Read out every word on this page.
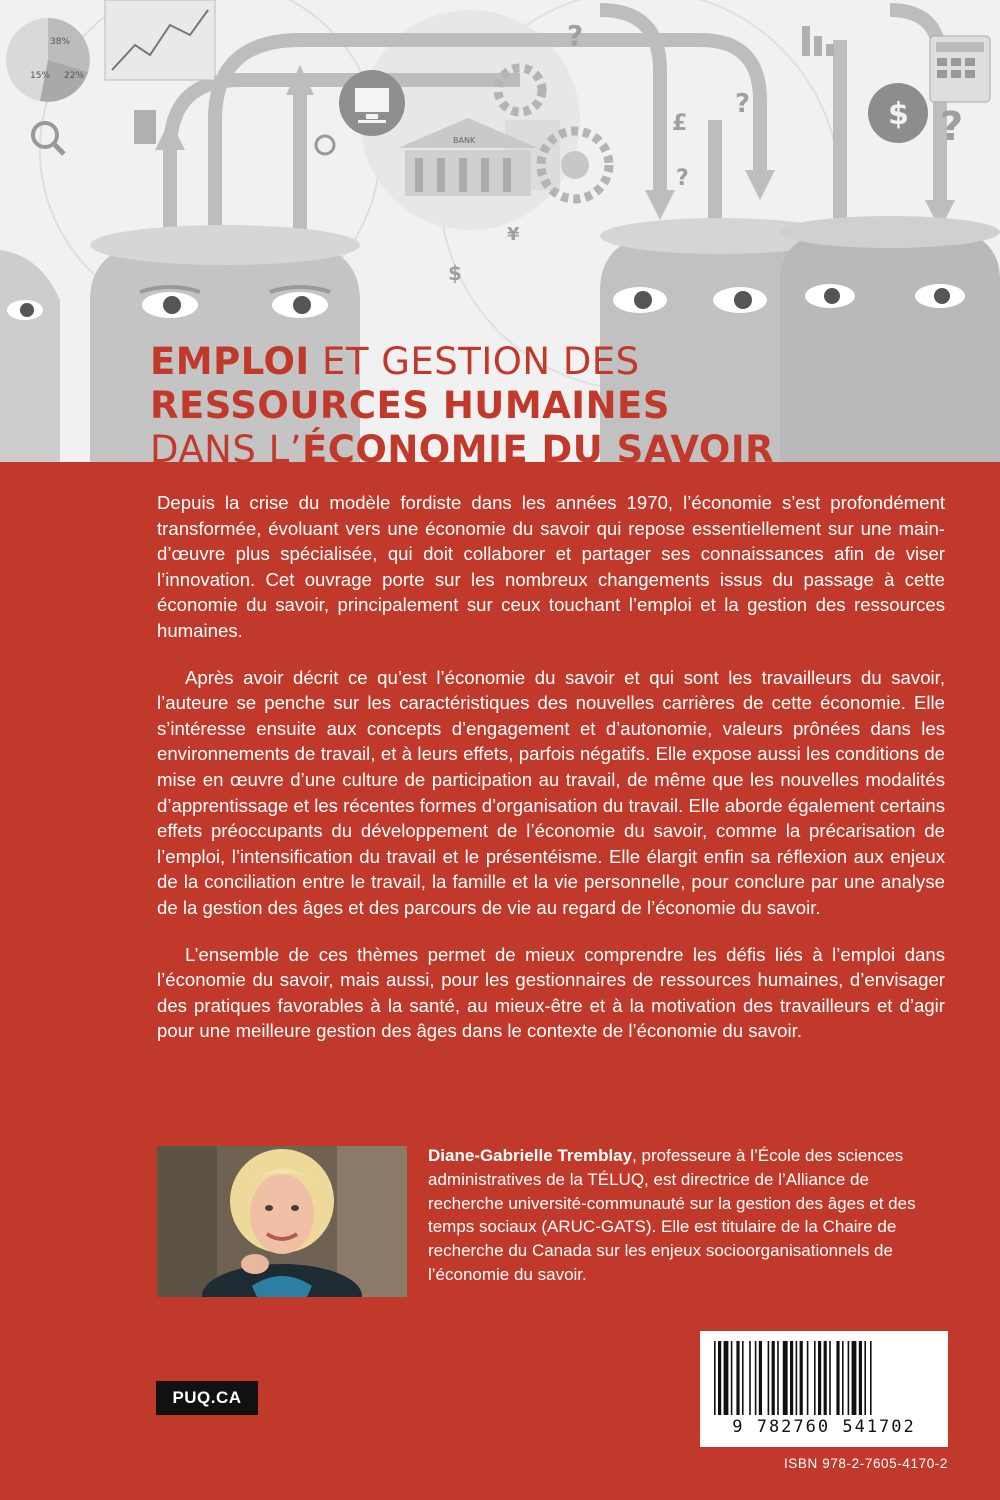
38%
15% 22%
BANK
$
?
£
¥
?	?
?
$
EMPLOI ET GESTION DES
RESSOURCES HUMAINES
DANS L’ÉCONOMIE DU SAVOIR

Depuis la crise du modèle fordiste dans les années 1970, l’économie s’est profondément transformée, évoluant vers une économie du savoir qui repose essentiellement sur une main-d’œuvre plus spécialisée, qui doit collaborer et partager ses connaissances afin de viser l’innovation. Cet ouvrage porte sur les nombreux changements issus du passage à cette économie du savoir, principalement sur ceux touchant l’emploi et la gestion des ressources humaines.

Après avoir décrit ce qu’est l’économie du savoir et qui sont les travailleurs du savoir, l’auteure se penche sur les caractéristiques des nouvelles carrières de cette économie. Elle s’intéresse ensuite aux concepts d’engagement et d’autonomie, valeurs prônées dans les environnements de travail, et à leurs effets, parfois négatifs. Elle expose aussi les conditions de mise en œuvre d’une culture de participation au travail, de même que les nouvelles modalités d’apprentissage et les récentes formes d’organisation du travail. Elle aborde également certains effets préoccupants du développement de l’économie du savoir, comme la précarisation de l’emploi, l’intensification du travail et le présentéisme. Elle élargit enfin sa réflexion aux enjeux de la conciliation entre le travail, la famille et la vie personnelle, pour conclure par une analyse de la gestion des âges et des parcours de vie au regard de l’économie du savoir.

L’ensemble de ces thèmes permet de mieux comprendre les défis liés à l’emploi dans l’économie du savoir, mais aussi, pour les gestionnaires de ressources humaines, d’envisager des pratiques favorables à la santé, au mieux-être et à la motivation des travailleurs et d’agir pour une meilleure gestion des âges dans le contexte de l’économie du savoir.

Diane-Gabrielle Tremblay, professeure à l’École des sciences administratives de la TÉLUQ, est directrice de l’Alliance de recherche université-communauté sur la gestion des âges et des temps sociaux (ARUC-GATS). Elle est titulaire de la Chaire de recherche du Canada sur les enjeux socioorganisationnels de l’économie du savoir.
PUQ.CA
9 782760 541702
ISBN 978-2-7605-4170-2
